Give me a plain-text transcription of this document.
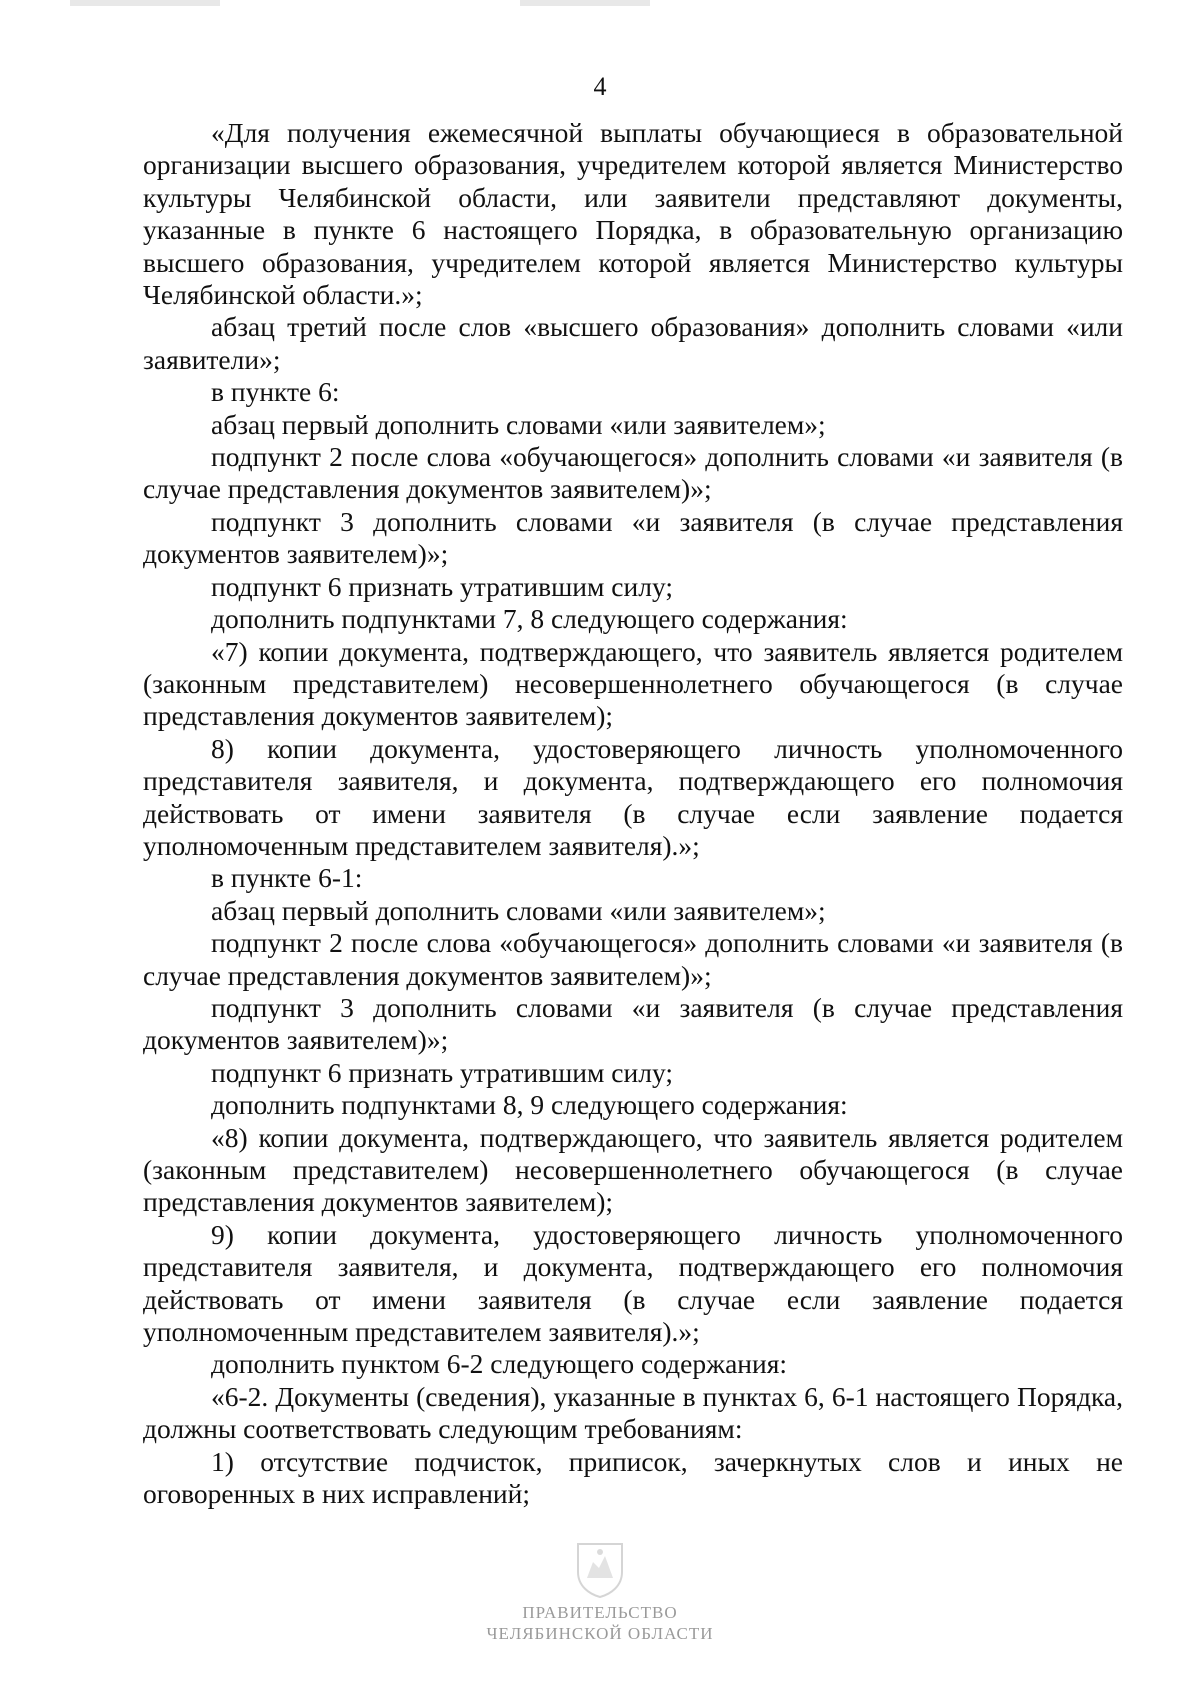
4

«Для получения ежемесячной выплаты обучающиеся в образовательной организации высшего образования, учредителем которой является Министерство культуры Челябинской области, или заявители представляют документы, указанные в пункте 6 настоящего Порядка, в образовательную организацию высшего образования, учредителем которой является Министерство культуры Челябинской области.»;

абзац третий после слов «высшего образования» дополнить словами «или заявители»;

в пункте 6:

абзац первый дополнить словами «или заявителем»;

подпункт 2 после слова «обучающегося» дополнить словами «и заявителя (в случае представления документов заявителем)»;

подпункт 3 дополнить словами «и заявителя (в случае представления документов заявителем)»;

подпункт 6 признать утратившим силу;

дополнить подпунктами 7, 8 следующего содержания:

«7) копии документа, подтверждающего, что заявитель является родителем (законным представителем) несовершеннолетнего обучающегося (в случае представления документов заявителем);

8) копии документа, удостоверяющего личность уполномоченного представителя заявителя, и документа, подтверждающего его полномочия действовать от имени заявителя (в случае если заявление подается уполномоченным представителем заявителя).»;

в пункте 6-1:

абзац первый дополнить словами «или заявителем»;

подпункт 2 после слова «обучающегося» дополнить словами «и заявителя (в случае представления документов заявителем)»;

подпункт 3 дополнить словами «и заявителя (в случае представления документов заявителем)»;

подпункт 6 признать утратившим силу;

дополнить подпунктами 8, 9 следующего содержания:

«8) копии документа, подтверждающего, что заявитель является родителем (законным представителем) несовершеннолетнего обучающегося (в случае представления документов заявителем);

9) копии документа, удостоверяющего личность уполномоченного представителя заявителя, и документа, подтверждающего его полномочия действовать от имени заявителя (в случае если заявление подается уполномоченным представителем заявителя).»;

дополнить пунктом 6-2 следующего содержания:

«6-2. Документы (сведения), указанные в пунктах 6, 6-1 настоящего Порядка, должны соответствовать следующим требованиям:

1) отсутствие подчисток, приписок, зачеркнутых слов и иных не оговоренных в них исправлений;

ПРАВИТЕЛЬСТВО
ЧЕЛЯБИНСКОЙ ОБЛАСТИ
